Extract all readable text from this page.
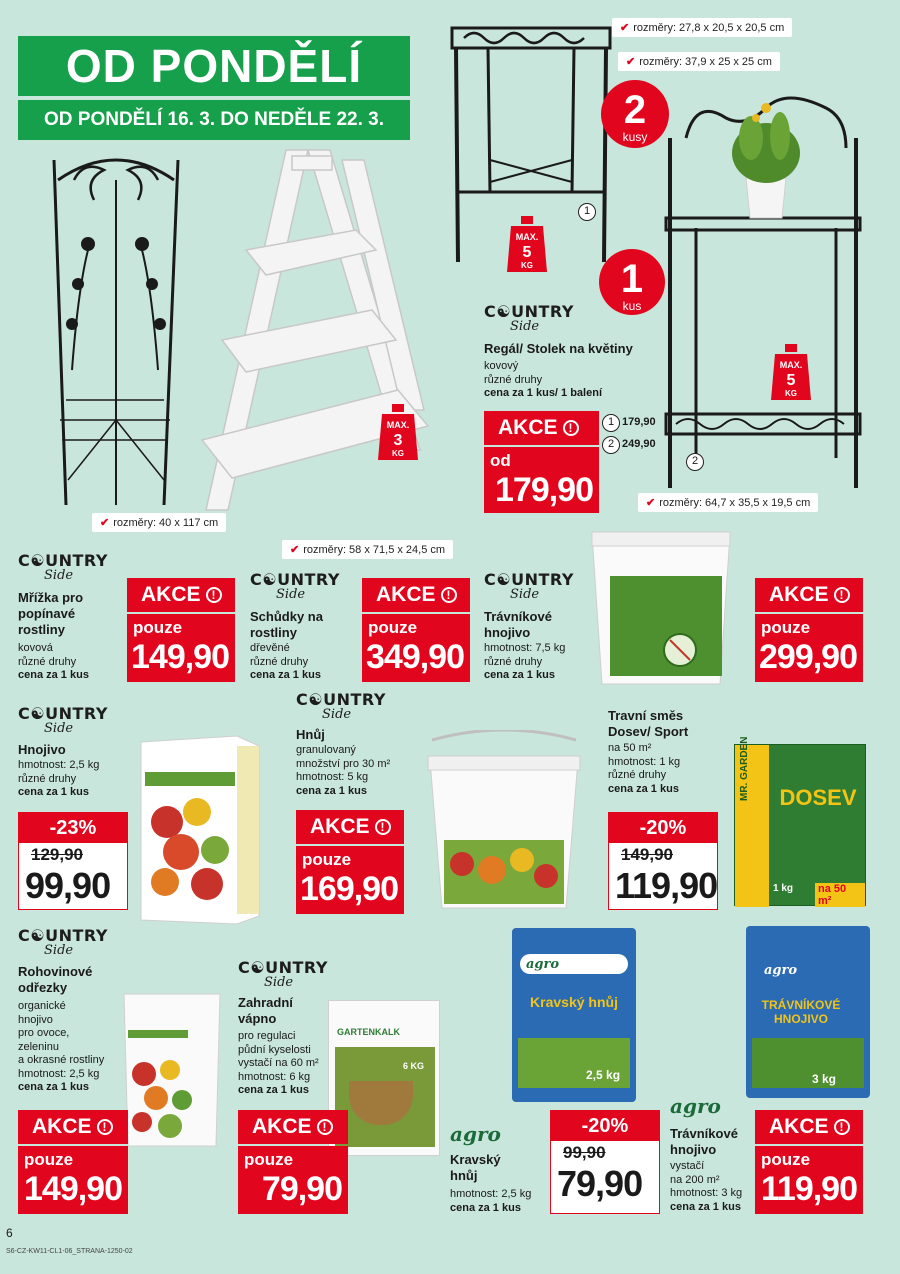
OD PONDĚLÍ
OD PONDĚLÍ 16. 3. DO NEDĚLE 22. 3.
✔ rozměry: 27,8 x 20,5 x 20,5 cm
✔ rozměry: 37,9 x 25 x 25 cm
1
2
kusy
1
kus
MAX.
5
KG
MAX.
5
KG
2
C☯UNTRY
Side
Regál/ Stolek na květiny
kovový
různé druhy
cena za 1 kus/ 1 balení
AKCE !	1 179,90
2 249,90
od
179,90	✔ rozměry: 64,7 x 35,5 x 19,5 cm
✔ rozměry: 40 x 117 cm
MAX.
3
KG
✔ rozměry: 58 x 71,5 x 24,5 cm
C☯UNTRY
Side
Mřížka pro popínavé rostliny
kovová
různé druhy
cena za 1 kus
AKCE !
pouze
149,90
C☯UNTRY
Side
Schůdky na rostliny
dřevěné
různé druhy
cena za 1 kus
AKCE !
pouze
349,90
C☯UNTRY
Side
Trávníkové hnojivo
hmotnost: 7,5 kg
různé druhy
cena za 1 kus
AKCE !
pouze
299,90
C☯UNTRY
Side
Hnojivo
hmotnost: 2,5 kg
různé druhy
cena za 1 kus
-23%
129,90
99,90
C☯UNTRY
Side
Hnůj
granulovaný
množství pro 30 m²
hmotnost: 5 kg
cena za 1 kus
AKCE !
pouze
169,90
Travní směs Dosev/ Sport
na 50 m²
hmotnost: 1 kg
různé druhy
cena za 1 kus	DOSEV
1 kg na 50 m²
-20%
149,90
119,90
C☯UNTRY
Side
Rohovinové odřezky
organické
hnojivo
pro ovoce,
zeleninu
a okrasné rostliny
hmotnost: 2,5 kg
cena za 1 kus
AKCE !
pouze
149,90
C☯UNTRY
Side
Zahradní vápno
pro regulaci
půdní kyselosti
vystačí na 60 m²
hmotnost: 6 kg
cena za 1 kus
GARTENKALK
6 KG
AKCE !
pouze
79,90
agro
Kravský hnůj
2,5 kg
agro
Kravský hnůj
hmotnost: 2,5 kg
cena za 1 kus
-20%
99,90
79,90
agro
TRÁVNÍKOVÉ HNOJIVO
3 kg
agro
Trávníkové hnojivo
vystačí
na 200 m²
hmotnost: 3 kg
cena za 1 kus
AKCE !
pouze
119,90
6
S6-CZ-KW11-CL1-06_STRANA-1250-02
